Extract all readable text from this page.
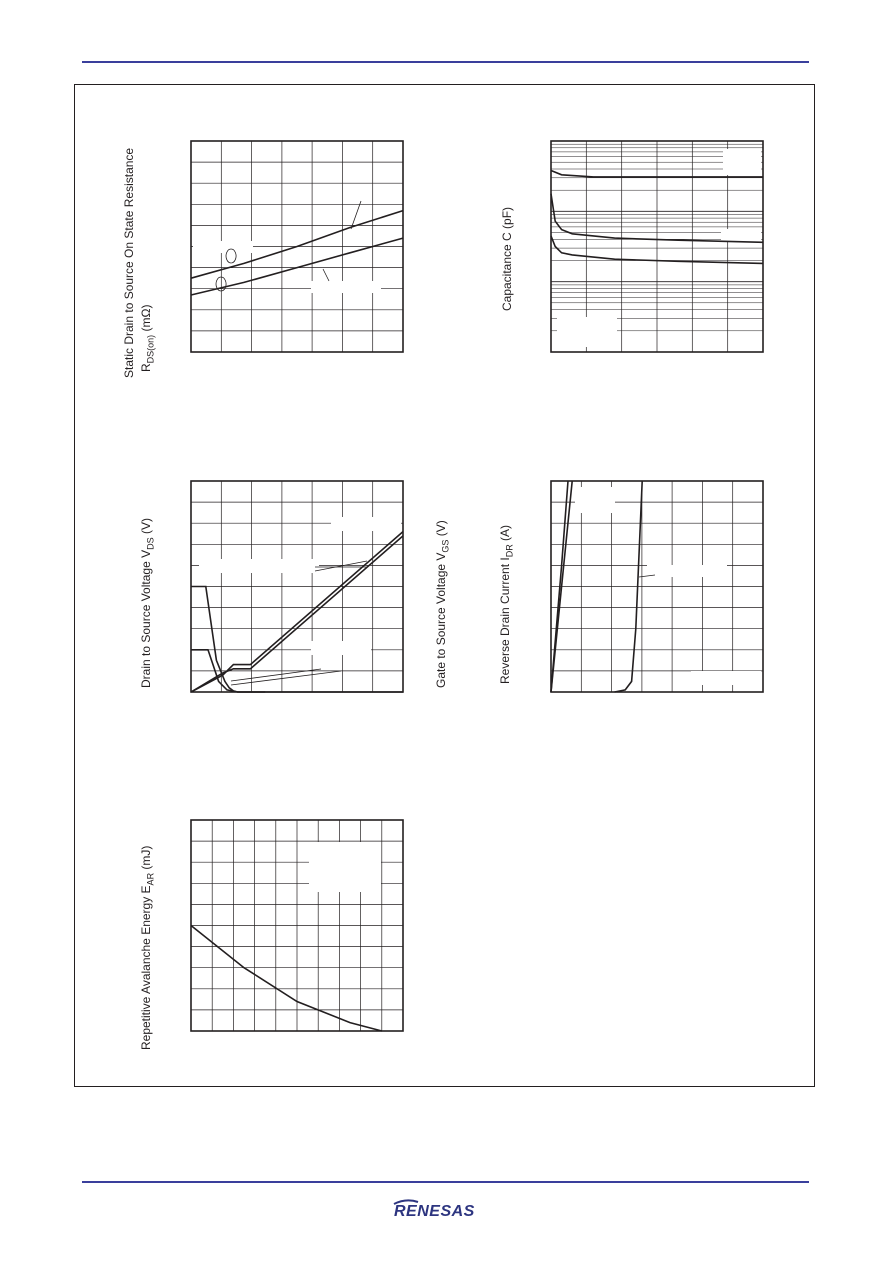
Static Drain to Source On State Resistance $R_{DS(on)}$ (mΩ)
Capacitance C (pF)
Drain to Source Voltage $V_{DS}$ (V)
Gate to Source Voltage $V_{GS}$ (V)
Reverse Drain Current $I_{DR}$ (A)
Repetitive Avalanche Energy $E_{AR}$ (mJ)
RENESAS
